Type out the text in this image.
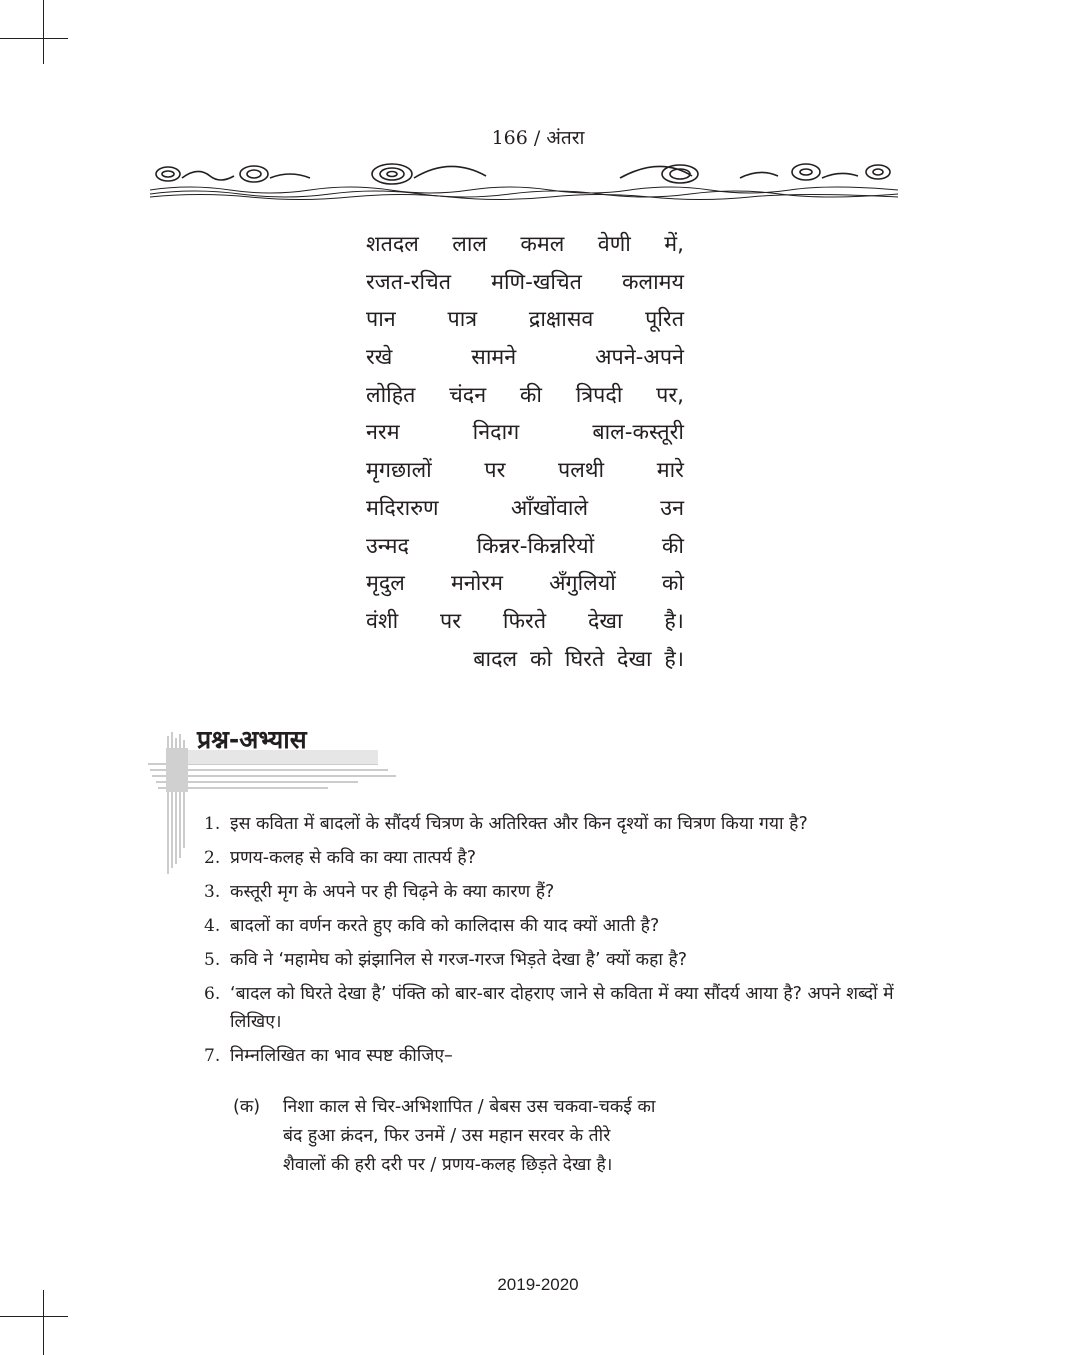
166 / अंतरा
शतदल लाल कमल वेणी में,
रजत-रचित मणि-खचित कलामय
पान पात्र द्राक्षासव पूरित
रखे	सामने	अपने-अपने
लोहित चंदन की त्रिपदी पर,
नरम	निदाग	बाल-कस्तूरी
मृगछालों पर पलथी मारे
मदिरारुण	आँखोंवाले	उन
उन्मद	किन्नर-किन्नरियों	की
मृदुल मनोरम अँगुलियों को
वंशी पर फिरते देखा है।
बादल को घिरते देखा है।
प्रश्न-अभ्यास
1. इस कविता में बादलों के सौंदर्य चित्रण के अतिरिक्त और किन दृश्यों का चित्रण किया गया है?
2. प्रणय-कलह से कवि का क्या तात्पर्य है?
3. कस्तूरी मृग के अपने पर ही चिढ़ने के क्या कारण हैं?
4. बादलों का वर्णन करते हुए कवि को कालिदास की याद क्यों आती है?
5. कवि ने ‘महामेघ को झंझानिल से गरज-गरज भिड़ते देखा है’ क्यों कहा है?
6. ‘बादल को घिरते देखा है’ पंक्ति को बार-बार दोहराए जाने से कविता में क्या सौंदर्य आया है? अपने शब्दों में लिखिए।
7. निम्नलिखित का भाव स्पष्ट कीजिए–
(क) निशा काल से चिर-अभिशापित / बेबस उस चकवा-चकई का
बंद हुआ क्रंदन, फिर उनमें / उस महान सरवर के तीरे
शैवालों की हरी दरी पर / प्रणय-कलह छिड़ते देखा है।
2019-2020
